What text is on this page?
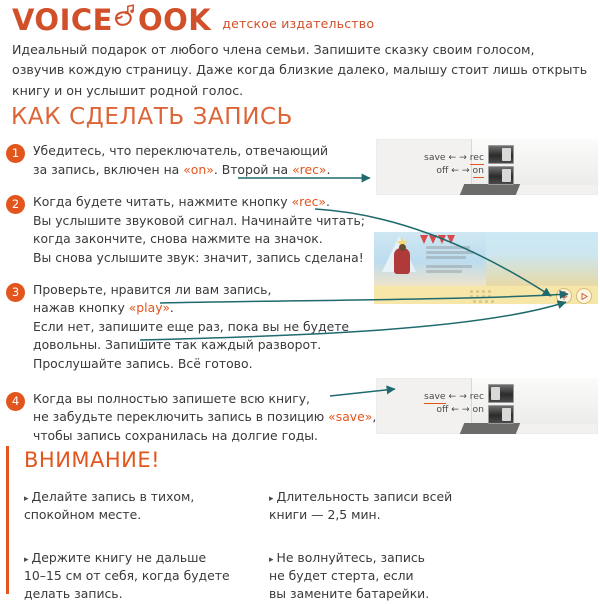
VOICE OOK детское издательство
Идеальный подарок от любого члена семьи. Запишите сказку своим голосом, озвучив кождую страницу. Даже когда близкие далеко, малышу стоит лишь открыть книгу и он услышит родной голос.
КАК СДЕЛАТЬ ЗАПИСЬ
1	Убедитесь, что переключатель, отвечающий
за запись, включен на «on». Второй на «rec».
2	Когда будете читать, нажмите кнопку «rec».
Вы услышите звуковой сигнал. Начинайте читать;
когда закончите, снова нажмите на значок.
Вы снова услышите звук: значит, запись сделана!
3	Проверьте, нравится ли вам запись,
нажав кнопку «play».
Если нет, запишите еще раз, пока вы не будете
довольны. Запишите так каждый разворот.
Прослушайте запись. Всё готово.
4	Когда вы полностью запишете всю книгу,
не забудьте переключить запись в позицию «save»,
чтобы запись сохранилась на долгие годы.
save ← → rec
off ← → on
save ← → rec
off ← → on
ВНИМАНИЕ!
▸ Делайте запись в тихом,
спокойном месте.
▸ Длительность записи всей
книги — 2,5 мин.
▸ Держите книгу не дальше
10–15 см от себя, когда будете
делать запись.
▸ Не волнуйтесь, запись
не будет стерта, если
вы замените батарейки.
